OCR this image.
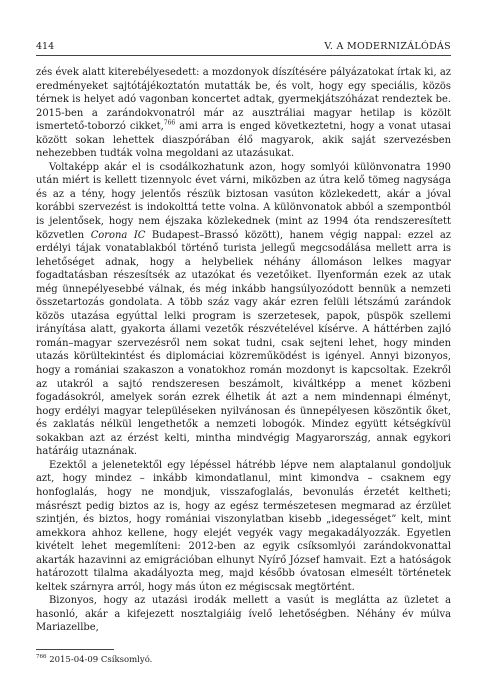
414	V. A MODERNIZÁLÓDÁS

zés évek alatt kiterebélyesedett: a mozdonyok díszítésére pályázatokat írtak ki, az eredményeket sajtótájékoztatón mutatták be, és volt, hogy egy speciális, közös térnek is helyet adó vagonban koncertet adtak, gyermekjátszóházat rendeztek be. 2015-ben a zarándokvonatról már az ausztráliai magyar hetilap is közölt ismertető-toborzó cikket,$^{766}$ ami arra is enged következtetni, hogy a vonat utasai között sokan lehettek diaszpórában élő magyarok, akik saját szervezésben nehezebben tudták volna megoldani az utazásukat.

Voltaképp akár el is csodálkozhatunk azon, hogy somlyói különvonatra 1990 után miért is kellett tizennyolc évet várni, miközben az útra kelő tömeg nagysága és az a tény, hogy jelentős részük biztosan vasúton közlekedett, akár a jóval korábbi szervezést is indokolttá tette volna. A különvonatok abból a szempontból is jelentősek, hogy nem éjszaka közlekednek (mint az 1994 óta rendszeresített közvetlen Corona IC Budapest–Brassó között), hanem végig nappal: ezzel az erdélyi tájak vonatablakból történő turista jellegű megcsodálása mellett arra is lehetőséget adnak, hogy a helybeliek néhány állomáson lelkes magyar fogadtatásban részesítsék az utazókat és vezetőiket. Ilyenformán ezek az utak még ünnepélyesebbé válnak, és még inkább hangsúlyozódott bennük a nemzeti összetartozás gondolata. A több száz vagy akár ezren felüli létszámú zarándok közös utazása egyúttal lelki program is szerzetesek, papok, püspök szellemi irányítása alatt, gyakorta állami vezetők részvételével kísérve. A háttérben zajló román–magyar szervezésről nem sokat tudni, csak sejteni lehet, hogy minden utazás körültekintést és diplomáciai közreműködést is igényel. Annyi bizonyos, hogy a romániai szakaszon a vonatokhoz román mozdonyt is kapcsoltak. Ezekről az utakról a sajtó rendszeresen beszámolt, kiváltképp a menet közbeni fogadásokról, amelyek során ezrek élhetik át azt a nem mindennapi élményt, hogy erdélyi magyar településeken nyilvánosan és ünnepélyesen köszöntik őket, és zaklatás nélkül lengethetők a nemzeti lobogók. Mindez együtt kétségkívül sokakban azt az érzést kelti, mintha mindvégig Magyarország, annak egykori határáig utaznának.

Ezektől a jelenetektől egy lépéssel hátrébb lépve nem alaptalanul gondoljuk azt, hogy mindez – inkább kimondatlanul, mint kimondva – csaknem egy honfoglalás, hogy ne mondjuk, visszafoglalás, bevonulás érzetét keltheti; másrészt pedig biztos az is, hogy az egész természetesen megmarad az érzület szintjén, és biztos, hogy romániai viszonylatban kisebb „idegességet” kelt, mint amekkora ahhoz kellene, hogy elejét vegyék vagy megakadályozzák. Egyetlen kivételt lehet megemlíteni: 2012-ben az egyik csíksomlyói zarándokvonattal akarták hazavinni az emigrációban elhunyt Nyírő József hamvait. Ezt a hatóságok határozott tilalma akadályozta meg, majd később óvatosan elmesélt történetek keltek szárnyra arról, hogy más úton ez mégiscsak megtörtént.

Bizonyos, hogy az utazási irodák mellett a vasút is meglátta az üzletet a hasonló, akár a kifejezett nosztalgiáig ívelő lehetőségben. Néhány év múlva Mariazellbe,

$^{766}$ 2015-04-09 Csíksomlyó.
